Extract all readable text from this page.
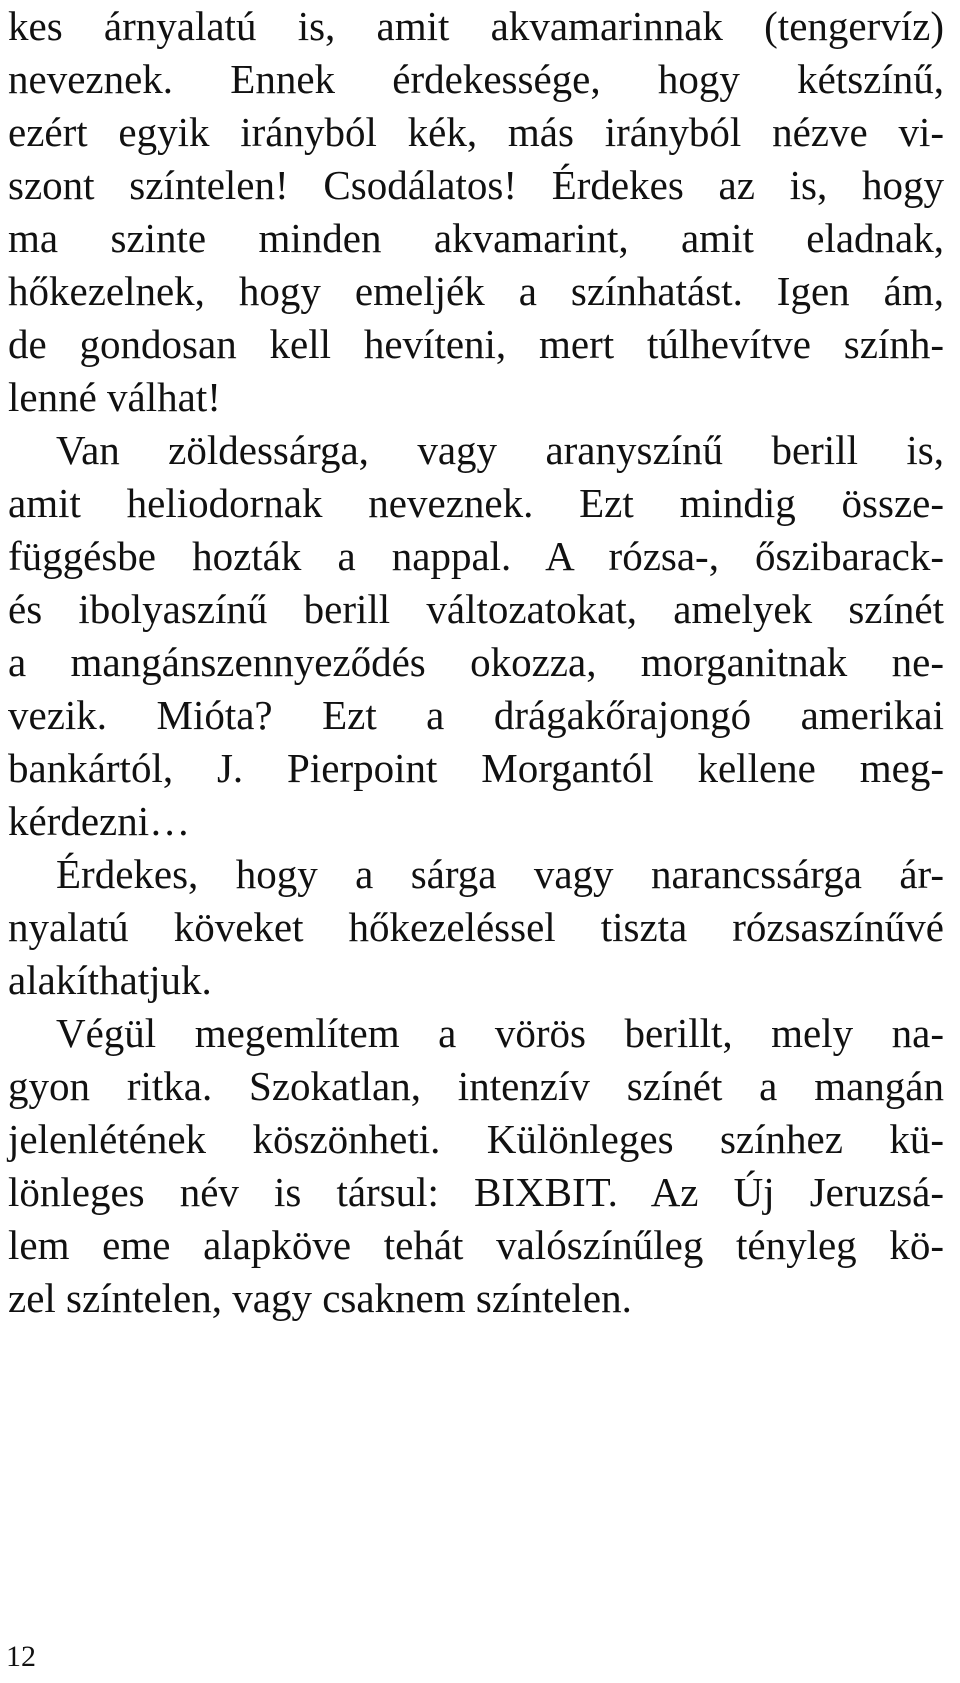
kes árnyalatú is, amit akvamarinnak (tengervíz)
neveznek. Ennek érdekessége, hogy kétszínű,
ezért egyik irányból kék, más irányból nézve vi-
szont színtelen! Csodálatos! Érdekes az is, hogy
ma szinte minden akvamarint, amit eladnak,
hőkezelnek, hogy emeljék a színhatást. Igen ám,
de gondosan kell hevíteni, mert túlhevítve szính-
lenné válhat!
Van zöldessárga, vagy aranyszínű berill is,
amit heliodornak neveznek. Ezt mindig össze-
függésbe hozták a nappal. A rózsa-, őszibarack-
és ibolyaszínű berill változatokat, amelyek színét
a mangánszennyeződés okozza, morganitnak ne-
vezik. Mióta? Ezt a drágakőrajongó amerikai
bankártól, J. Pierpoint Morgantól kellene meg-
kérdezni…
Érdekes, hogy a sárga vagy narancssárga ár-
nyalatú köveket hőkezeléssel tiszta rózsaszínűvé
alakíthatjuk.
Végül megemlítem a vörös berillt, mely na-
gyon ritka. Szokatlan, intenzív színét a mangán
jelenlétének köszönheti. Különleges színhez kü-
lönleges név is társul: BIXBIT. Az Új Jeruzsá-
lem eme alapköve tehát valószínűleg tényleg kö-
zel színtelen, vagy csaknem színtelen.
12
